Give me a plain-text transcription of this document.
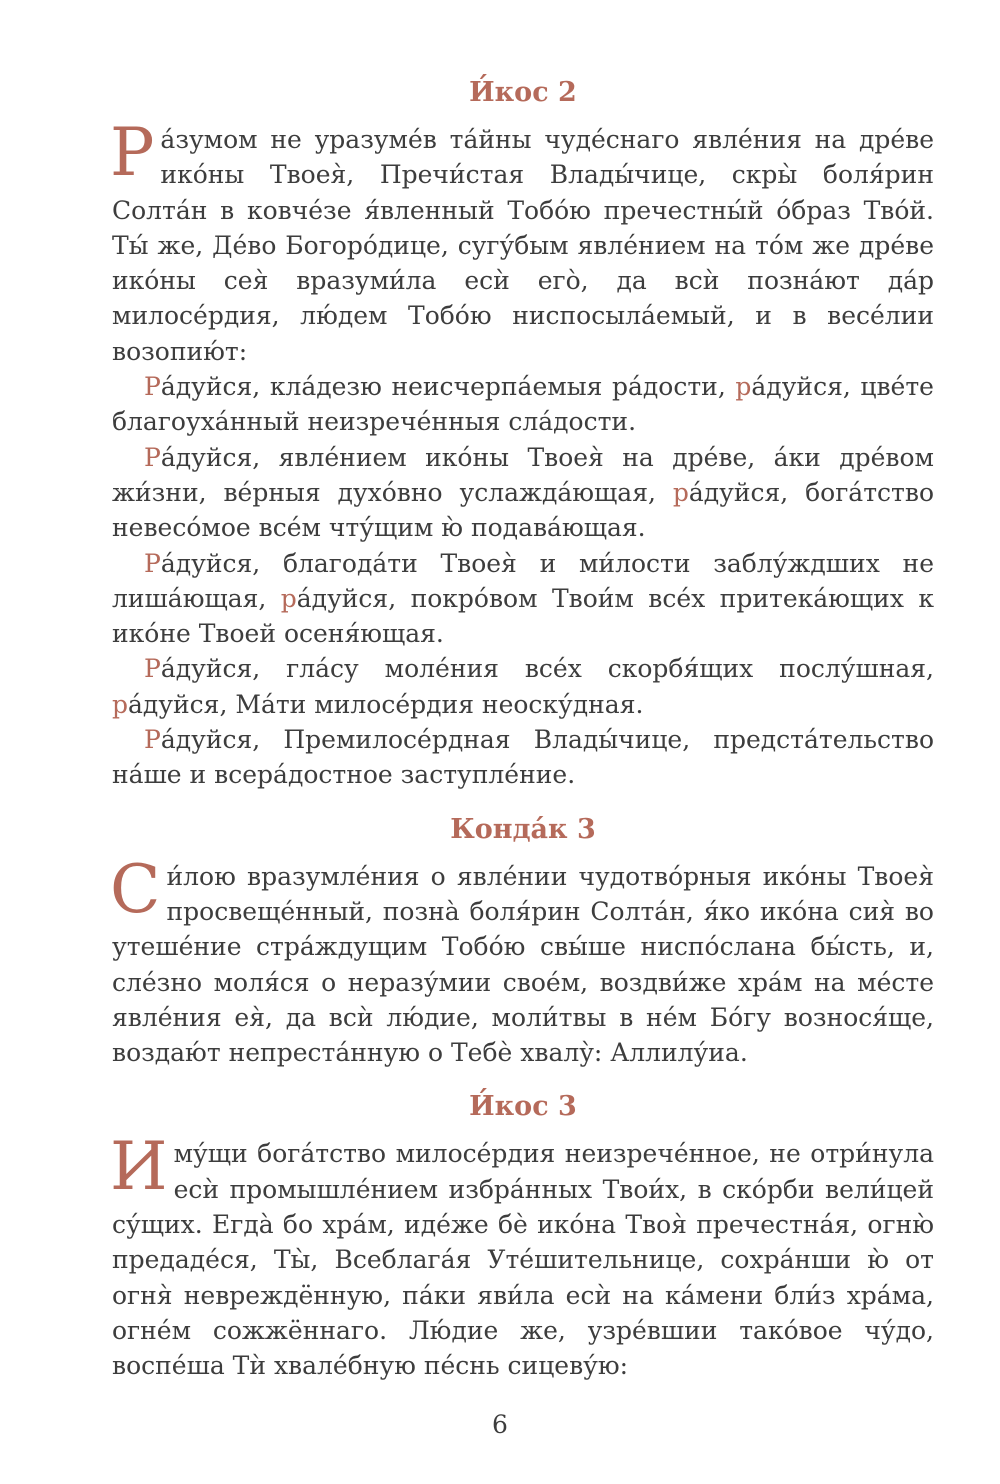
И́кос 2

Ра́зумом не уразуме́в та́йны чуде́снаго явле́ния на дре́ве ико́ны Твоея̀, Пречи́стая Влады́чице, скры̀ боля́рин Солта́н в ковче́зе я́вленный Тобо́ю пречестны́й о́браз Тво́й. Ты́ же, Де́во Богоро́дице, сугу́бым явле́нием на то́м же дре́ве ико́ны сея̀ вразуми́ла есѝ его̀, да всѝ позна́ют да́р милосе́рдия, лю́дем Тобо́ю ниспосыла́емый, и в весе́лии возопию́т:

Ра́дуйся, кла́дезю неисчерпа́емыя ра́дости, ра́дуйся, цве́те благоуха́нный неизрече́нныя сла́дости.

Ра́дуйся, явле́нием ико́ны Твоея̀ на дре́ве, а́ки дре́вом жи́зни, ве́рныя духо́вно услажда́ющая, ра́дуйся, бога́тство невесо́мое все́м чту́щим ю̀ подава́ющая.

Ра́дуйся, благода́ти Твоея̀ и ми́лости заблу́ждших не лиша́ющая, ра́дуйся, покро́вом Твои́м все́х притека́ющих к ико́не Твоей осеня́ющая.

Ра́дуйся, гла́су моле́ния все́х скорбя́щих послу́шная, ра́дуйся, Ма́ти милосе́рдия неоску́дная.

Ра́дуйся, Премилосе́рдная Влады́чице, предста́тельство на́ше и всера́достное заступле́ние.

Конда́к 3

Си́лою вразумле́ния о явле́нии чудотво́рныя ико́ны Твоея̀ просвеще́нный, позна̀ боля́рин Солта́н, я́ко ико́на сия̀ во утеше́ние стра́ждущим Тобо́ю свы́ше ниспо́слана бы́сть, и, сле́зно моля́ся о неразу́мии свое́м, воздви́же хра́м на ме́сте явле́ния ея̀, да всѝ лю́дие, моли́твы в не́м Бо́гу вознося́ще, воздаю́т непреста́нную о Тебѐ хвалу̀: Аллилу́иа.

И́кос 3

Иму́щи бога́тство милосе́рдия неизрече́нное, не отри́нула есѝ промышле́нием избра́нных Твои́х, в ско́рби вели́цей су́щих. Егда̀ бо хра́м, иде́же бѐ ико́на Твоя̀ пречестна́я, огню̀ предаде́ся, Ты̀, Всеблага́я Уте́шительнице, сохра́нши ю̀ от огня̀ невреждённую, па́ки яви́ла есѝ на ка́мени бли́з хра́ма, огне́м сожжённаго. Лю́дие же, узре́вшии тако́вое чу́до, воспе́ша Тѝ хвале́бную пе́снь сицеву́ю:

6
